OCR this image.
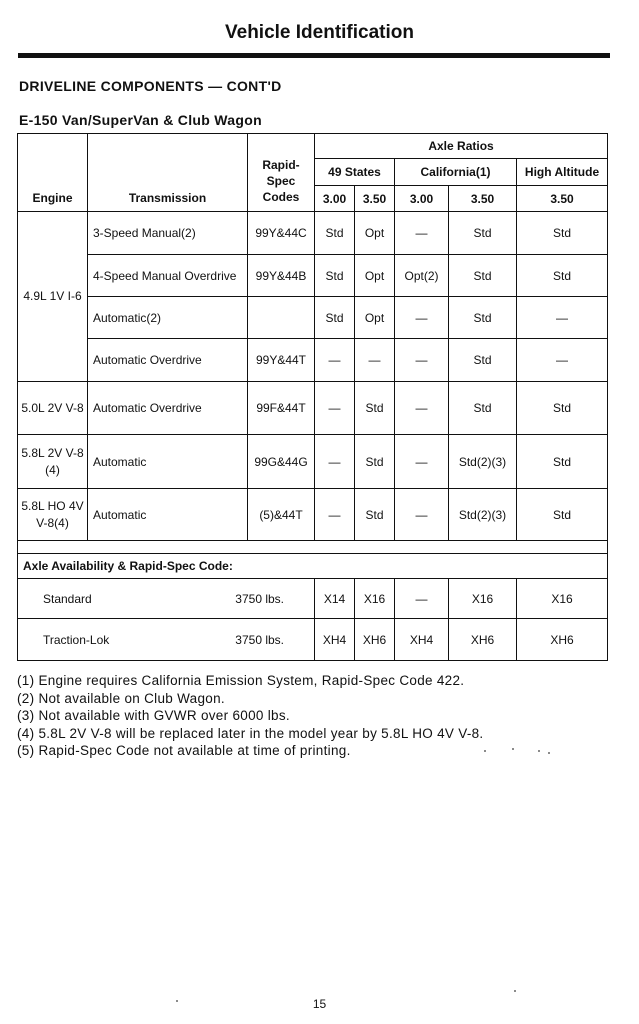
Vehicle Identification
DRIVELINE COMPONENTS — CONT'D
E-150 Van/SuperVan & Club Wagon
Engine	Transmission	Rapid-Spec Codes	Axle Ratios				
			49 States		California(1)		High Altitude
			3.00	3.50	3.00	3.50	3.50
4.9L 1V I-6	3-Speed Manual(2)	99Y&44C	Std	Opt	—	Std	Std
	4-Speed Manual Overdrive	99Y&44B	Std	Opt	Opt(2)	Std	Std
	Automatic(2)		Std	Opt	—	Std	—
	Automatic Overdrive	99Y&44T	—	—	—	Std	—
5.0L 2V V-8	Automatic Overdrive	99F&44T	—	Std	—	Std	Std
5.8L 2V V-8 (4)	Automatic	99G&44G	—	Std	—	Std(2)(3)	Std
5.8L HO 4V V-8(4)	Automatic	(5)&44T	—	Std	—	Std(2)(3)	Std

Axle Availability & Rapid-Spec Code:							

Standard 3750 lbs.			X14	X16	—	X16	X16

Traction-Lok 3750 lbs.			XH4	XH6	XH4	XH6	XH6
(1) Engine requires California Emission System, Rapid-Spec Code 422.
(2) Not available on Club Wagon.
(3) Not available with GVWR over 6000 lbs.
(4) 5.8L 2V V-8 will be replaced later in the model year by 5.8L HO 4V V-8.
(5) Rapid-Spec Code not available at time of printing.
15
